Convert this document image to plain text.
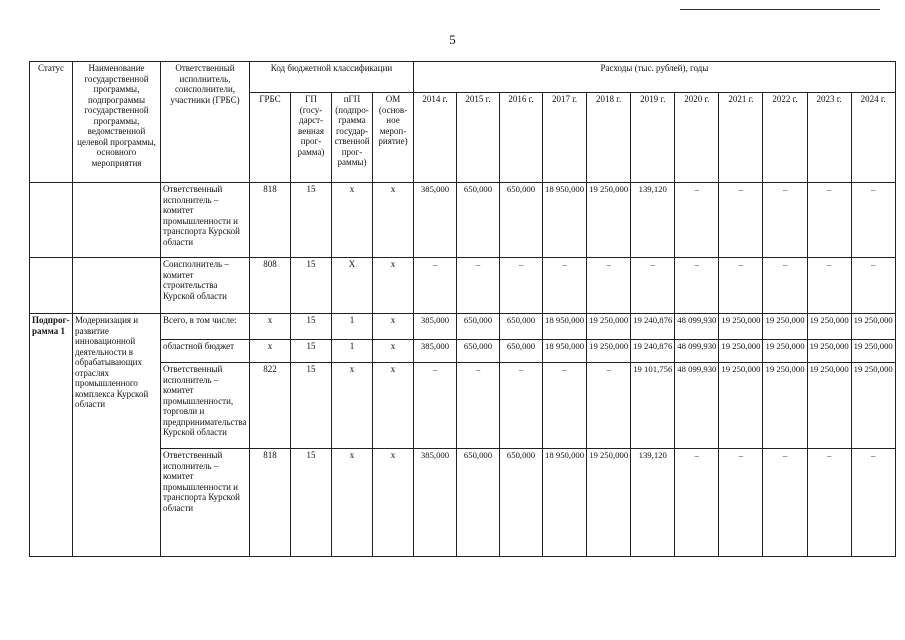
5
Статус	Наименование государственной программы, подпрограммы государственной программы, ведомственной целевой программы, основного мероприятия	Ответственный исполнитель, соисполнители, участники (ГРБС)	Код бюджетной классификации				Расходы (тыс. рублей), годы										
			ГРБС	ГП (госу-дарст-венная прог-рамма)	пГП (подпро-грамма государ-ственной прог-раммы)	ОМ (основ-ное мероп-риятие)	2014 г.	2015 г.	2016 г.	2017 г.	2018 г.	2019 г.	2020 г.	2021 г.	2022 г.	2023 г.	2024 г.
		Ответственный исполнитель – комитет промышленности и транспорта Курской области	818	15	х	х	385,000	650,000	650,000	18 950,000	19 250,000	139,120	–	–	–	–	–
		Соисполнитель – комитет строительства Курской области	808	15	Х	х	–	–	–	–	–	–	–	–	–	–	–
Подпрог-рамма 1	Модернизация и развитие инновационной деятельности в обрабатывающих отраслях промышленного комплекса Курской области	Всего, в том числе:	х	15	1	х	385,000	650,000	650,000	18 950,000	19 250,000	19 240,876	48 099,930	19 250,000	19 250,000	19 250,000	19 250,000
		областной бюджет	х	15	1	х	385,000	650,000	650,000	18 950,000	19 250,000	19 240,876	48 099,930	19 250,000	19 250,000	19 250,000	19 250,000
		Ответственный исполнитель – комитет промышленности, торговли и предпринимательства Курской области	822	15	х	х	–	–	–	–	–	19 101,756	48 099,930	19 250,000	19 250,000	19 250,000	19 250,000
		Ответственный исполнитель – комитет промышленности и транспорта Курской области	818	15	х	х	385,000	650,000	650,000	18 950,000	19 250,000	139,120	–	–	–	–	–
